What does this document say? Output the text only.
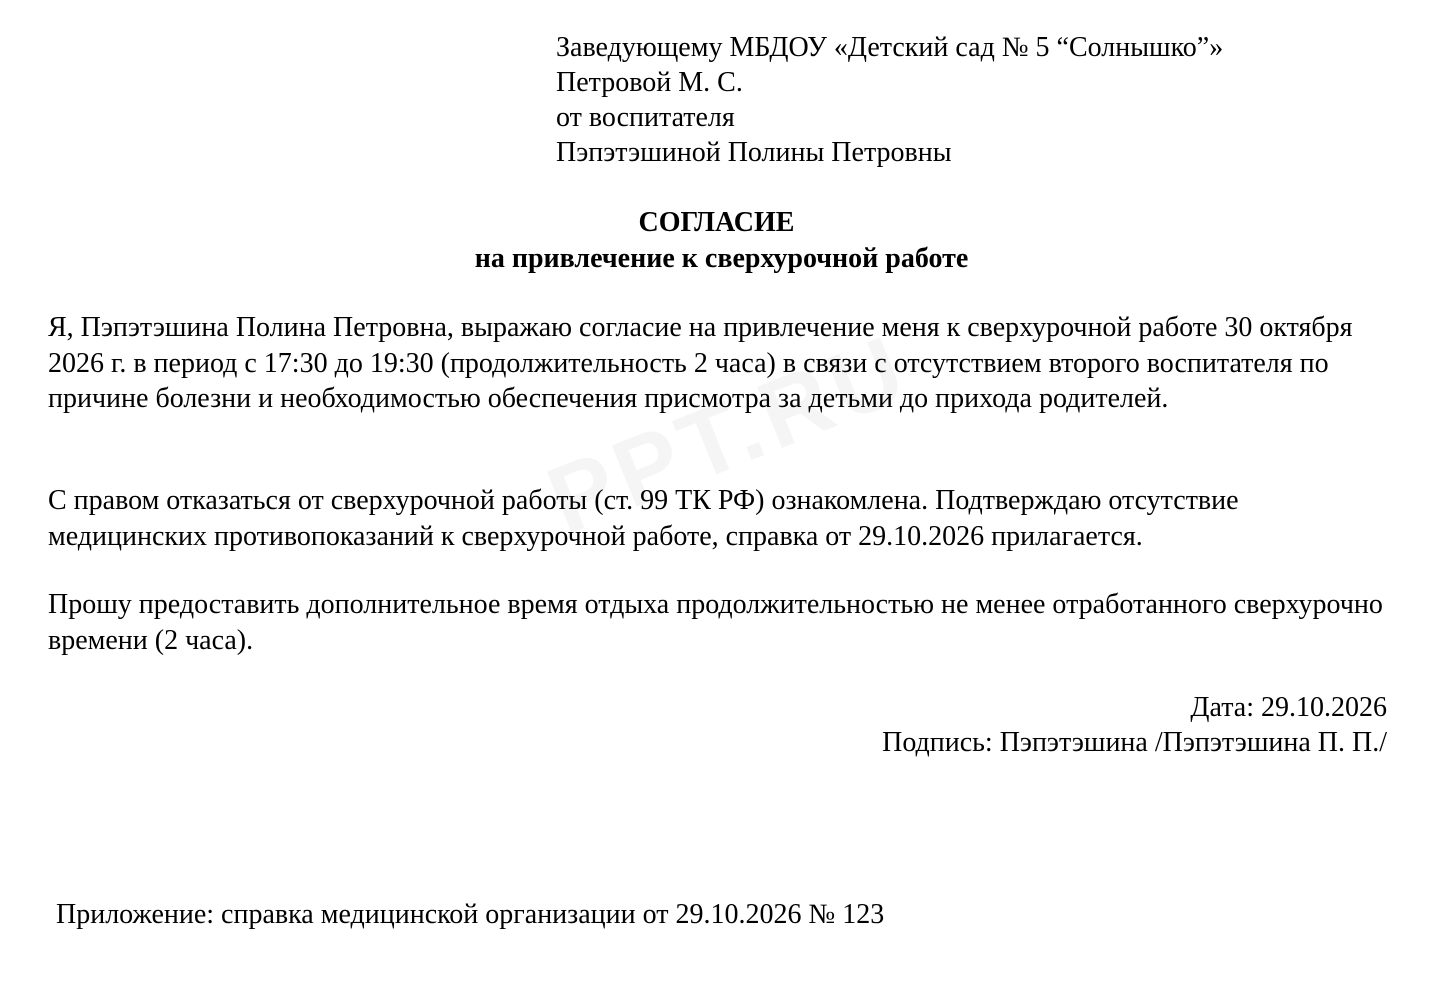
Заведующему МБДОУ «Детский сад № 5 “Солнышко”»
Петровой М. С.
от воспитателя
Пэпэтэшиной Полины Петровны
СОГЛАСИЕ
на привлечение к сверхурочной работе
Я, Пэпэтэшина Полина Петровна, выражаю согласие на привлечение меня к сверхурочной работе 30 октября 2026 г. в период с 17:30 до 19:30 (продолжительность 2 часа) в связи с отсутствием второго воспитателя по причине болезни и необходимостью обеспечения присмотра за детьми до прихода родителей.
С правом отказаться от сверхурочной работы (ст. 99 ТК РФ) ознакомлена. Подтверждаю отсутствие медицинских противопоказаний к сверхурочной работе, справка от 29.10.2026 прилагается.
Прошу предоставить дополнительное время отдыха продолжительностью не менее отработанного сверхурочно времени (2 часа).
Дата: 29.10.2026
Подпись: Пэпэтэшина /Пэпэтэшина П. П./
Приложение: справка медицинской организации от 29.10.2026 № 123
